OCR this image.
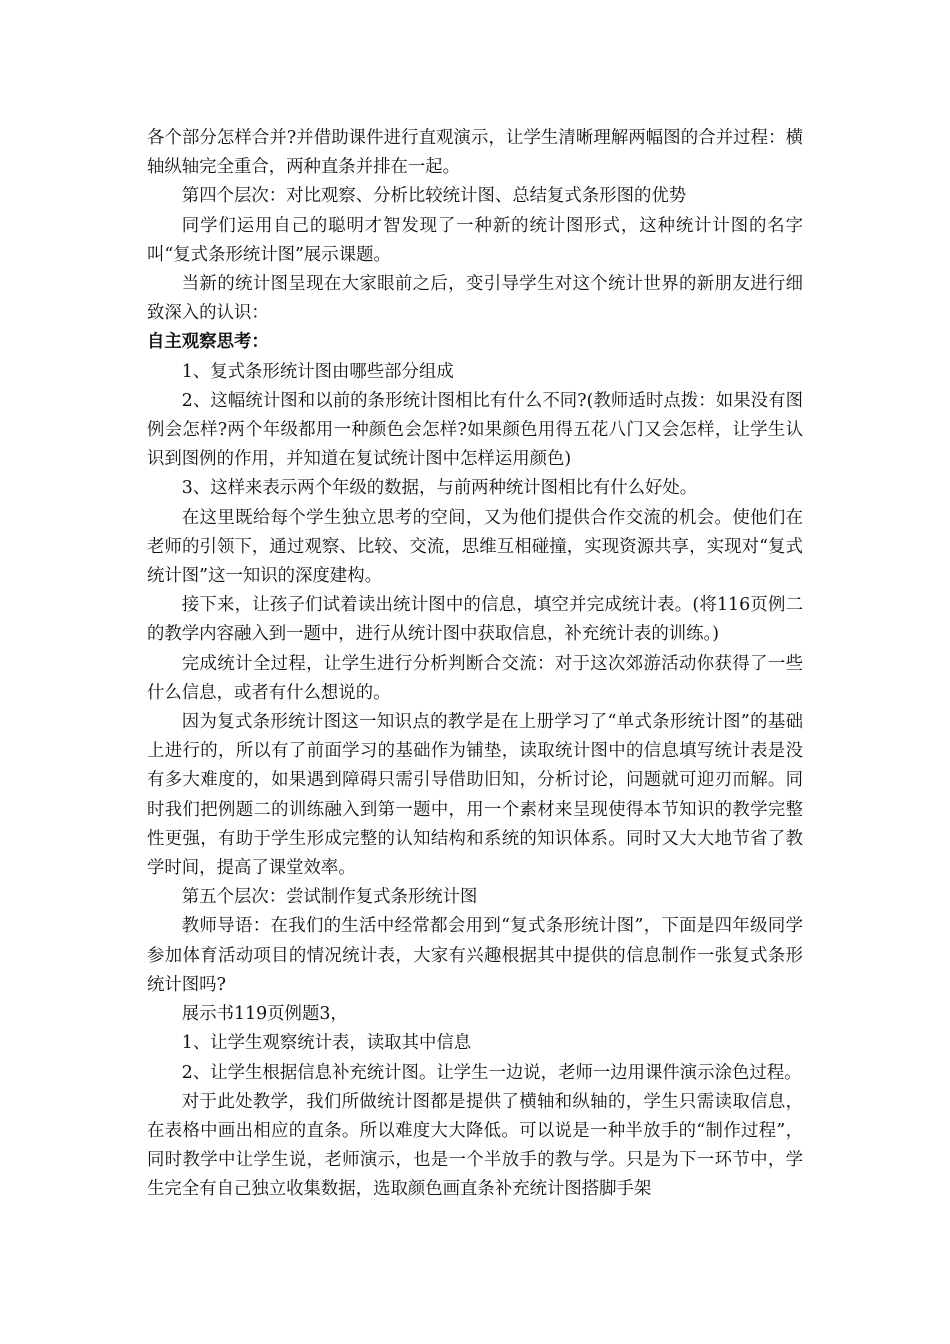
各个部分怎样合并?并借助课件进行直观演示，让学生清晰理解两幅图的合并过程：横轴纵轴完全重合，两种直条并排在一起。

第四个层次：对比观察、分析比较统计图、总结复式条形图的优势

同学们运用自己的聪明才智发现了一种新的统计图形式，这种统计计图的名字叫“复式条形统计图”展示课题。

当新的统计图呈现在大家眼前之后，变引导学生对这个统计世界的新朋友进行细致深入的认识：

自主观察思考：

1、复式条形统计图由哪些部分组成

2、这幅统计图和以前的条形统计图相比有什么不同?(教师适时点拨：如果没有图例会怎样?两个年级都用一种颜色会怎样?如果颜色用得五花八门又会怎样，让学生认识到图例的作用，并知道在复试统计图中怎样运用颜色)

3、这样来表示两个年级的数据，与前两种统计图相比有什么好处。

在这里既给每个学生独立思考的空间，又为他们提供合作交流的机会。使他们在老师的引领下，通过观察、比较、交流，思维互相碰撞，实现资源共享，实现对“复式统计图”这一知识的深度建构。

接下来，让孩子们试着读出统计图中的信息，填空并完成统计表。(将116页例二的教学内容融入到一题中，进行从统计图中获取信息，补充统计表的训练。)

完成统计全过程，让学生进行分析判断合交流：对于这次郊游活动你获得了一些什么信息，或者有什么想说的。

因为复式条形统计图这一知识点的教学是在上册学习了“单式条形统计图”的基础上进行的，所以有了前面学习的基础作为铺垫，读取统计图中的信息填写统计表是没有多大难度的，如果遇到障碍只需引导借助旧知，分析讨论，问题就可迎刃而解。同时我们把例题二的训练融入到第一题中，用一个素材来呈现使得本节知识的教学完整性更强，有助于学生形成完整的认知结构和系统的知识体系。同时又大大地节省了教学时间，提高了课堂效率。

第五个层次：尝试制作复式条形统计图

教师导语：在我们的生活中经常都会用到“复式条形统计图”，下面是四年级同学参加体育活动项目的情况统计表，大家有兴趣根据其中提供的信息制作一张复式条形统计图吗?

展示书119页例题3，

1、让学生观察统计表，读取其中信息

2、让学生根据信息补充统计图。让学生一边说，老师一边用课件演示涂色过程。

对于此处教学，我们所做统计图都是提供了横轴和纵轴的，学生只需读取信息，在表格中画出相应的直条。所以难度大大降低。可以说是一种半放手的“制作过程”，同时教学中让学生说，老师演示，也是一个半放手的教与学。只是为下一环节中，学生完全有自己独立收集数据，选取颜色画直条补充统计图搭脚手架
